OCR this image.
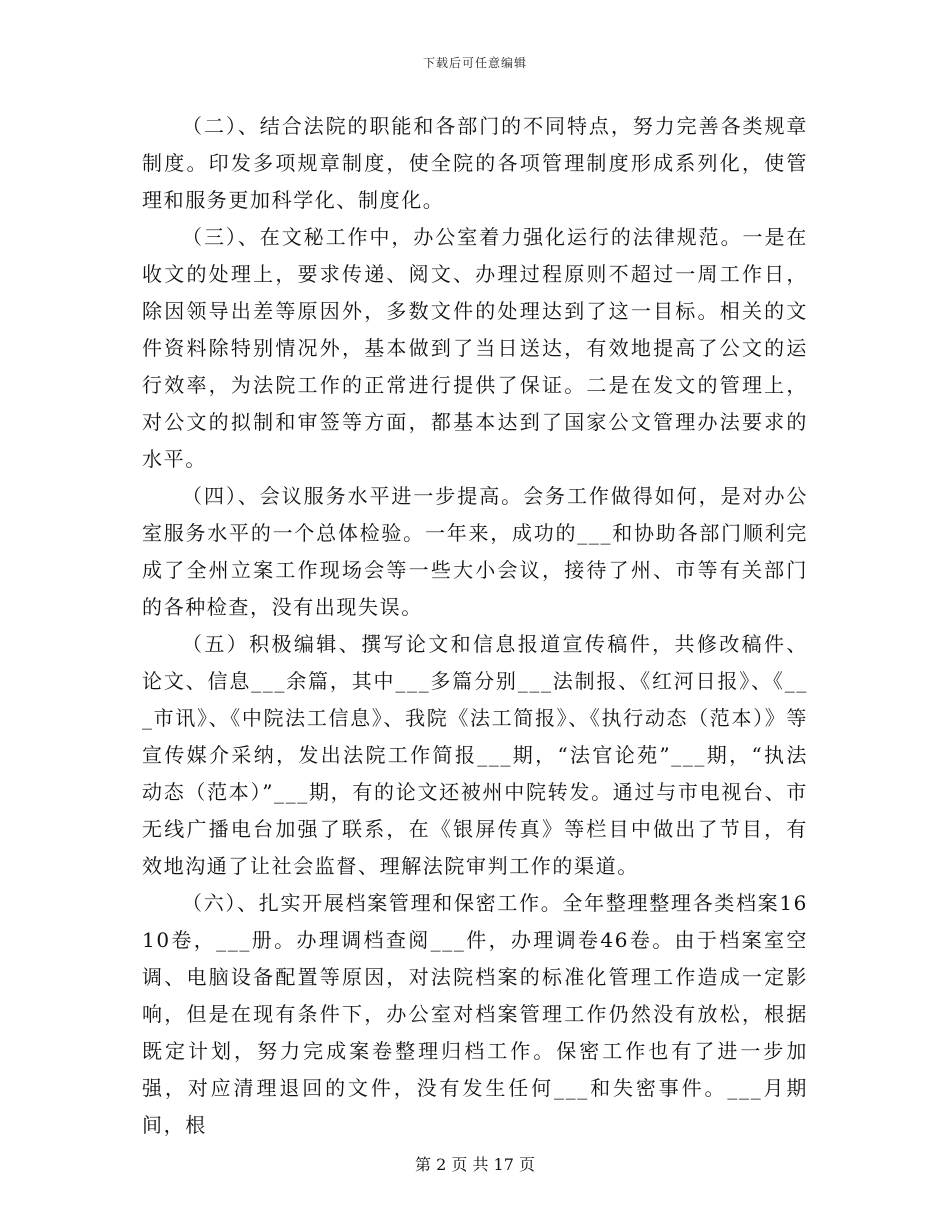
下载后可任意编辑

（二）、结合法院的职能和各部门的不同特点，努力完善各类规章制度。印发多项规章制度，使全院的各项管理制度形成系列化，使管理和服务更加科学化、制度化。

（三）、在文秘工作中，办公室着力强化运行的法律规范。一是在收文的处理上，要求传递、阅文、办理过程原则不超过一周工作日，除因领导出差等原因外，多数文件的处理达到了这一目标。相关的文件资料除特别情况外，基本做到了当日送达，有效地提高了公文的运行效率，为法院工作的正常进行提供了保证。二是在发文的管理上，对公文的拟制和审签等方面，都基本达到了国家公文管理办法要求的水平。

（四）、会议服务水平进一步提高。会务工作做得如何，是对办公室服务水平的一个总体检验。一年来，成功的___和协助各部门顺利完成了全州立案工作现场会等一些大小会议，接待了州、市等有关部门的各种检查，没有出现失误。

（五）积极编辑、撰写论文和信息报道宣传稿件，共修改稿件、论文、信息___余篇，其中___多篇分别___法制报、《红河日报》、《___市讯》、《中院法工信息》、我院《法工简报》、《执行动态（范本）》等宣传媒介采纳，发出法院工作简报___期，“法官论苑”___期，“执法动态（范本）”___期，有的论文还被州中院转发。通过与市电视台、市无线广播电台加强了联系，在《银屏传真》等栏目中做出了节目，有效地沟通了让社会监督、理解法院审判工作的渠道。

（六）、扎实开展档案管理和保密工作。全年整理整理各类档案1610卷，___册。办理调档查阅___件，办理调卷46卷。由于档案室空调、电脑设备配置等原因，对法院档案的标准化管理工作造成一定影响，但是在现有条件下，办公室对档案管理工作仍然没有放松，根据既定计划，努力完成案卷整理归档工作。保密工作也有了进一步加强，对应清理退回的文件，没有发生任何___和失密事件。___月期间，根

第 2 页 共 17 页
